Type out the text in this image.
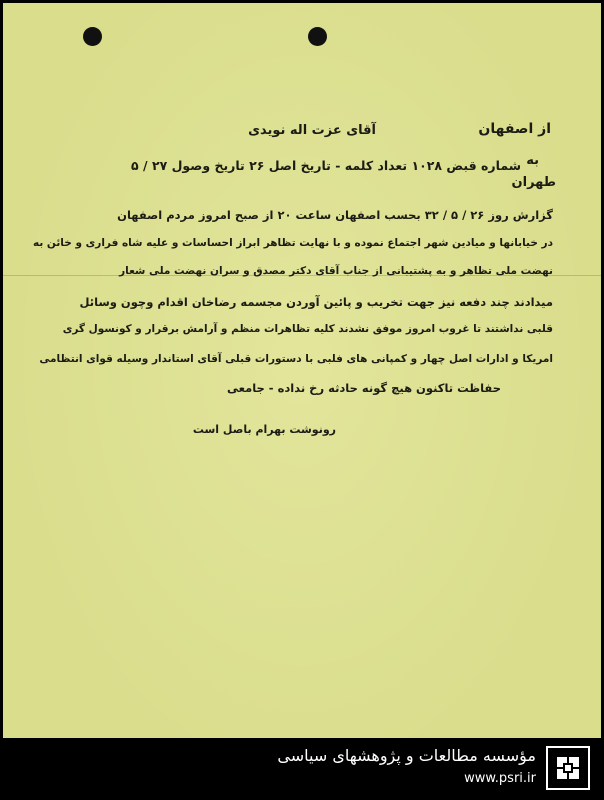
از اصفهان
به
طهران
آقای عزت اله نویدی
شماره قبض ۱۰۲۸ تعداد کلمه - تاریخ اصل ۲۶ تاریخ وصول ۲۷ / ۵
گزارش روز ۲۶ / ۵ / ۳۲ بحسب اصفهان ساعت ۲۰ از صبح امروز مردم اصفهان
در خیابانها و میادین شهر اجتماع نموده و با نهایت تظاهر ابراز احساسات و علیه شاه فراری و خائن به
نهضت ملی تظاهر و به پشتیبانی از جناب آقای دکتر مصدق و سران نهضت ملی شعار
میدادند چند دفعه نیز جهت تخریب و پائین آوردن مجسمه رضاخان اقدام وچون وسائل
قلبی نداشتند تا غروب امروز موفق نشدند کلیه تظاهرات منظم و آرامش برقرار و کونسول گری
امریکا و ادارات اصل چهار و کمپانی های فلبی با دستورات قبلی آقای استاندار وسیله قوای انتظامی
حفاظت تاکنون هیچ گونه حادثه رخ نداده - جامعی
رونوشت بهرام باصل است
مؤسسه مطالعات و پژوهشهای سیاسی
www.psri.ir
